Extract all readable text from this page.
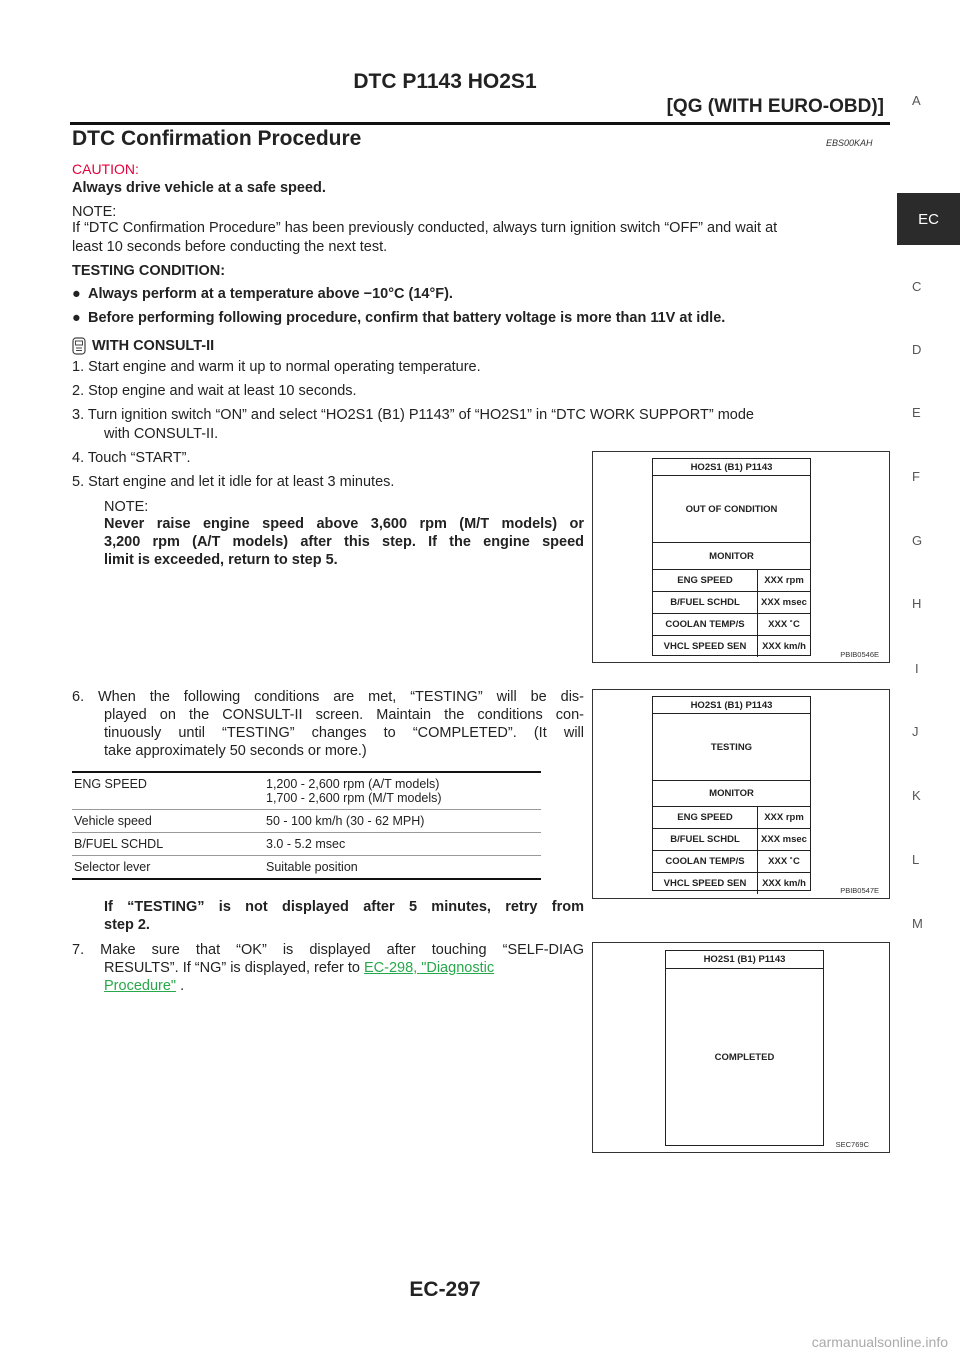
DTC P1143 HO2S1
[QG (WITH EURO-OBD)]
DTC Confirmation Procedure	EBS00KAH
CAUTION:
Always drive vehicle at a safe speed.
NOTE:
If “DTC Confirmation Procedure” has been previously conducted, always turn ignition switch “OFF” and wait at
least 10 seconds before conducting the next test.
TESTING CONDITION:
● Always perform at a temperature above −10°C (14°F).
● Before performing following procedure, confirm that battery voltage is more than 11V at idle.
WITH CONSULT-II
1. Start engine and warm it up to normal operating temperature.
2. Stop engine and wait at least 10 seconds.
3. Turn ignition switch “ON” and select “HO2S1 (B1) P1143” of “HO2S1” in “DTC WORK SUPPORT” mode
with CONSULT-II.
4. Touch “START”.
5. Start engine and let it idle for at least 3 minutes.
NOTE:
Never raise engine speed above 3,600 rpm (M/T models) or
3,200 rpm (A/T models) after this step. If the engine speed
limit is exceeded, return to step 5.
6. When the following conditions are met, “TESTING” will be dis-
played on the CONSULT-II screen. Maintain the conditions con-
tinuously until “TESTING” changes to “COMPLETED”. (It will
take approximately 50 seconds or more.)
ENG SPEED	1,200 - 2,600 rpm (A/T models)
1,700 - 2,600 rpm (M/T models)

Vehicle speed	50 - 100 km/h (30 - 62 MPH)
B/FUEL SCHDL	3.0 - 5.2 msec
Selector lever	Suitable position
If “TESTING” is not displayed after 5 minutes, retry from
step 2.
7. Make sure that “OK” is displayed after touching “SELF-DIAG
RESULTS”. If “NG” is displayed, refer to EC-298, "Diagnostic
Procedure" .
HO2S1 (B1) P1143
OUT OF CONDITION
MONITOR
ENG SPEED	XXX rpm
B/FUEL SCHDL	XXX msec
COOLAN TEMP/S	XXX ˚C
VHCL SPEED SEN	XXX km/h
PBIB0546E
HO2S1 (B1) P1143
TESTING
MONITOR
ENG SPEED	XXX rpm
B/FUEL SCHDL	XXX msec
COOLAN TEMP/S	XXX ˚C
VHCL SPEED SEN	XXX km/h
PBIB0547E
HO2S1 (B1) P1143
COMPLETED
SEC769C
A
EC
C
D
E
F
G
H
I
J
K
L
M
EC-297
carmanualsonline.info
